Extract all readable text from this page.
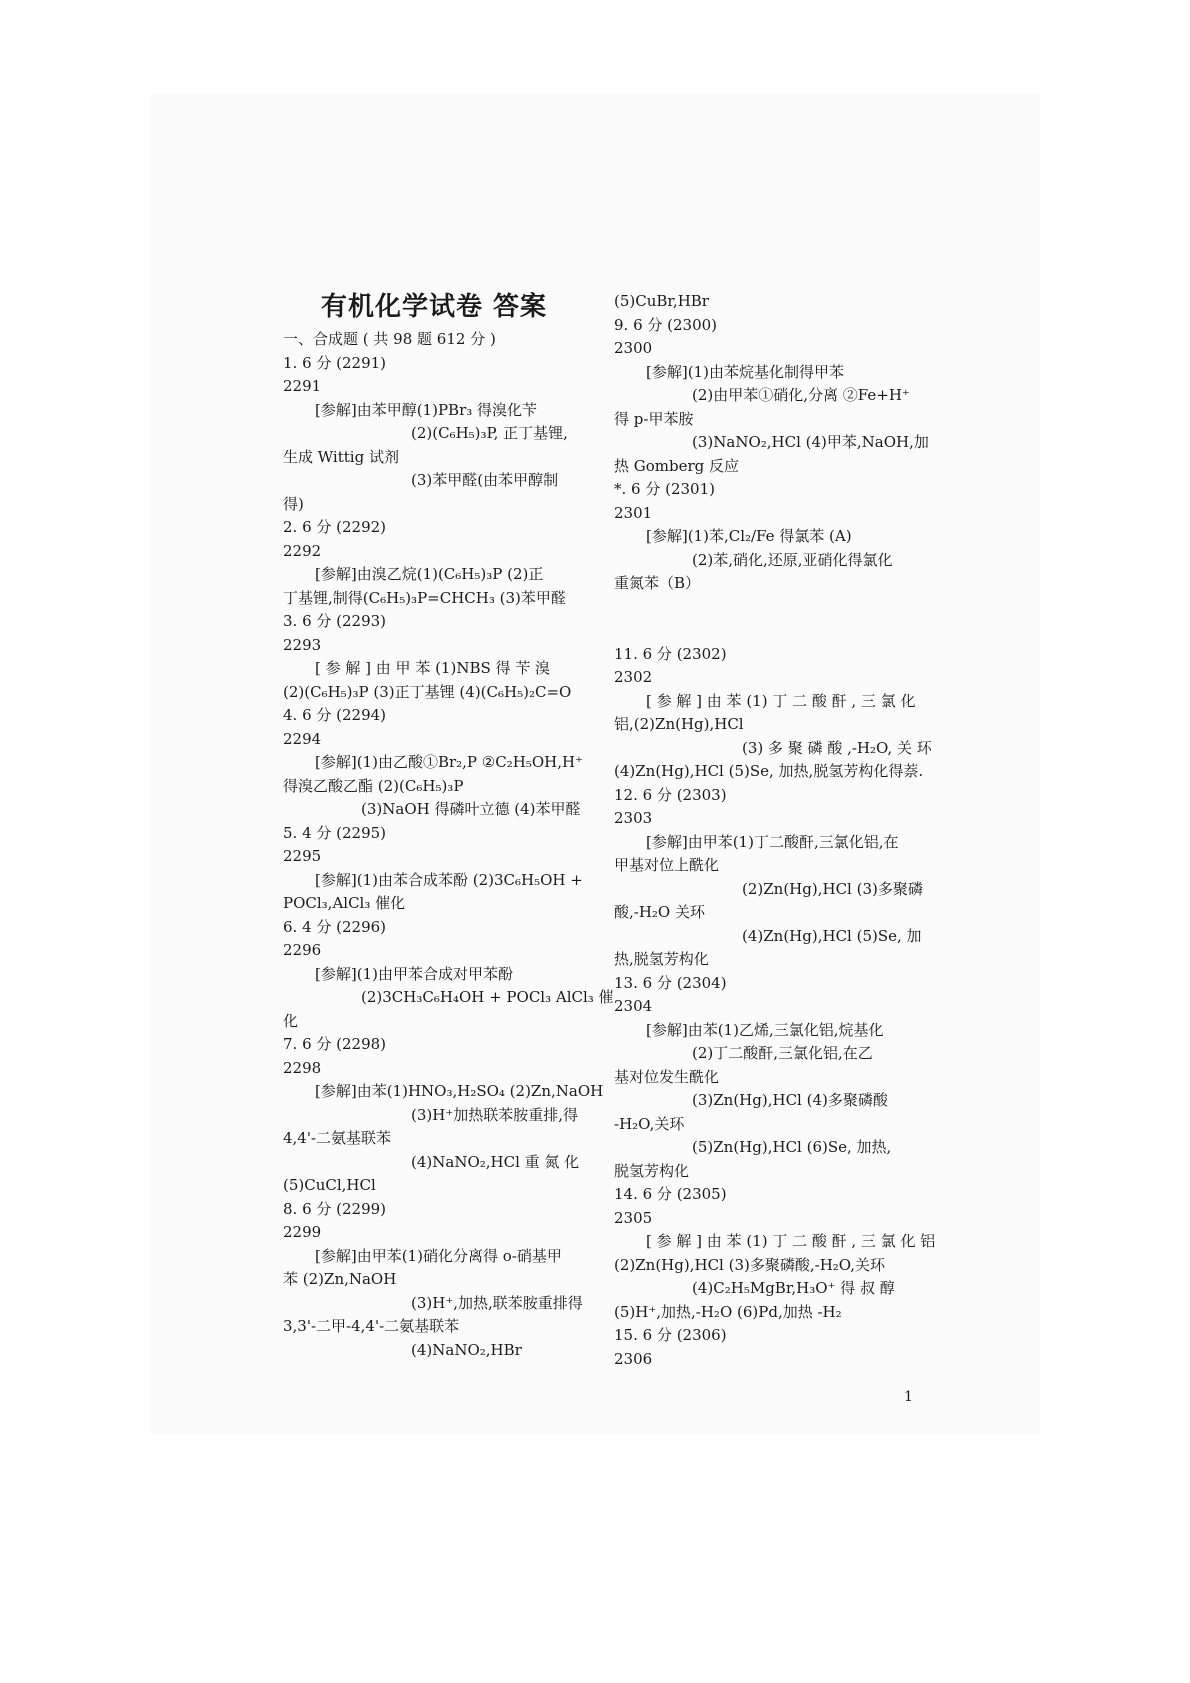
有机化学试卷 答案
一、合成题 ( 共 98 题 612 分 )
1. 6 分 (2291)
2291
[参解]由苯甲醇(1)PBr₃ 得溴化苄
(2)(C₆H₅)₃P, 正丁基锂,
生成 Wittig 试剂
(3)苯甲醛(由苯甲醇制
得)
2. 6 分 (2292)
2292
[参解]由溴乙烷(1)(C₆H₅)₃P (2)正
丁基锂,制得(C₆H₅)₃P=CHCH₃ (3)苯甲醛
3. 6 分 (2293)
2293
[ 参 解 ] 由 甲 苯 (1)NBS 得 苄 溴
(2)(C₆H₅)₃P (3)正丁基锂 (4)(C₆H₅)₂C=O
4. 6 分 (2294)
2294
[参解](1)由乙酸①Br₂,P ②C₂H₅OH,H⁺
得溴乙酸乙酯 (2)(C₆H₅)₃P
(3)NaOH 得磷叶立德 (4)苯甲醛
5. 4 分 (2295)
2295
[参解](1)由苯合成苯酚 (2)3C₆H₅OH +
POCl₃,AlCl₃ 催化
6. 4 分 (2296)
2296
[参解](1)由甲苯合成对甲苯酚
(2)3CH₃C₆H₄OH + POCl₃ AlCl₃ 催
化
7. 6 分 (2298)
2298
[参解]由苯(1)HNO₃,H₂SO₄ (2)Zn,NaOH
(3)H⁺加热联苯胺重排,得
4,4'-二氨基联苯
(4)NaNO₂,HCl 重 氮 化
(5)CuCl,HCl
8. 6 分 (2299)
2299
[参解]由甲苯(1)硝化分离得 o-硝基甲
苯 (2)Zn,NaOH
(3)H⁺,加热,联苯胺重排得
3,3'-二甲-4,4'-二氨基联苯
(4)NaNO₂,HBr
(5)CuBr,HBr
9. 6 分 (2300)
2300
[参解](1)由苯烷基化制得甲苯
(2)由甲苯①硝化,分离 ②Fe+H⁺
得 p-甲苯胺
(3)NaNO₂,HCl (4)甲苯,NaOH,加
热 Gomberg 反应
*. 6 分 (2301)
2301
[参解](1)苯,Cl₂/Fe 得氯苯 (A)
(2)苯,硝化,还原,亚硝化得氯化
重氮苯（B）
11. 6 分 (2302)
2302
[ 参 解 ] 由 苯 (1) 丁 二 酸 酐 , 三 氯 化
铝,(2)Zn(Hg),HCl
(3) 多 聚 磷 酸 ,-H₂O, 关 环
(4)Zn(Hg),HCl (5)Se, 加热,脱氢芳构化得萘.
12. 6 分 (2303)
2303
[参解]由甲苯(1)丁二酸酐,三氯化铝,在
甲基对位上酰化
(2)Zn(Hg),HCl (3)多聚磷
酸,-H₂O 关环
(4)Zn(Hg),HCl (5)Se, 加
热,脱氢芳构化
13. 6 分 (2304)
2304
[参解]由苯(1)乙烯,三氯化铝,烷基化
(2)丁二酸酐,三氯化铝,在乙
基对位发生酰化
(3)Zn(Hg),HCl (4)多聚磷酸
-H₂O,关环
(5)Zn(Hg),HCl (6)Se, 加热,
脱氢芳构化
14. 6 分 (2305)
2305
[ 参 解 ] 由 苯 (1) 丁 二 酸 酐 , 三 氯 化 铝
(2)Zn(Hg),HCl (3)多聚磷酸,-H₂O,关环
(4)C₂H₅MgBr,H₃O⁺ 得 叔 醇
(5)H⁺,加热,-H₂O (6)Pd,加热 -H₂
15. 6 分 (2306)
2306
1
